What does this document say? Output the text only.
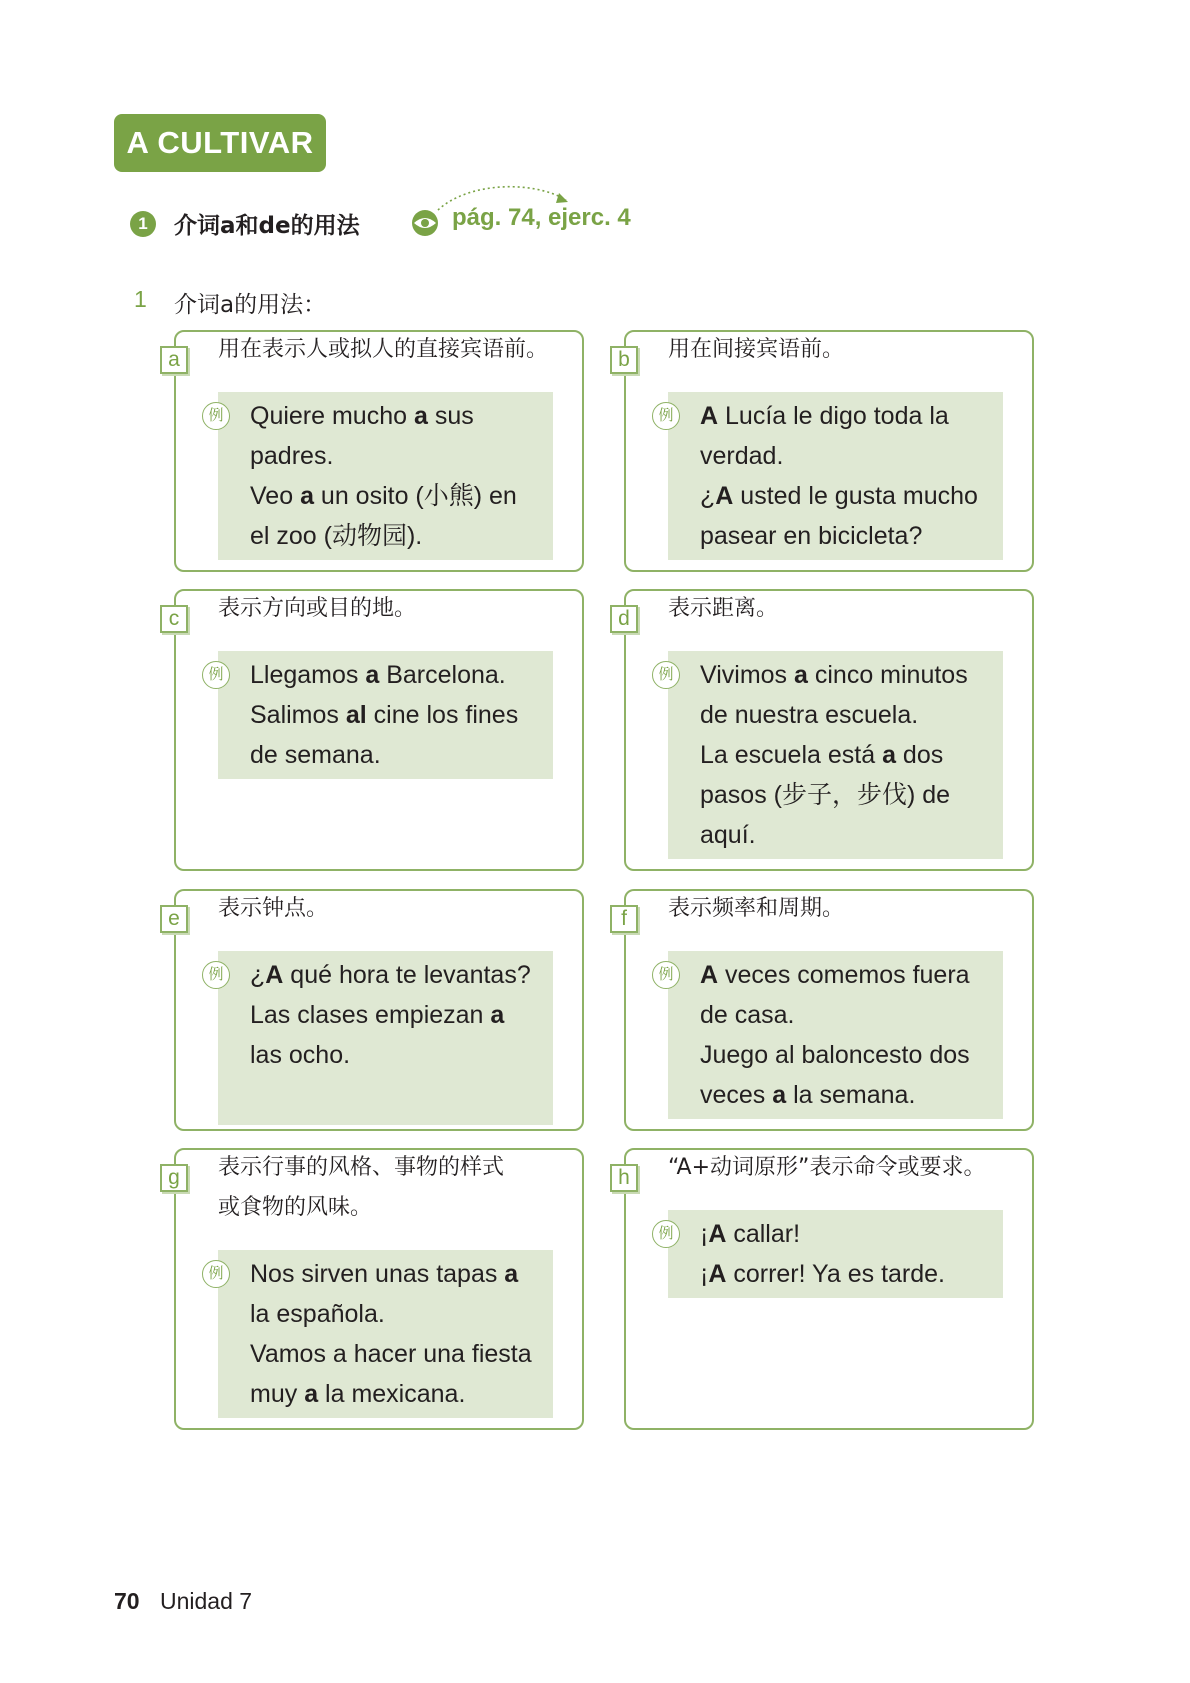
A CULTIVAR
1	介词a和de的用法	pág. 74, ejerc. 4
1 介词a的用法：
a	用在表示人或拟人的直接宾语前。
例 Quiere mucho a sus
padres.
Veo a un osito (小熊) en
el zoo (动物园).
b	用在间接宾语前。
例 A Lucía le digo toda la
verdad.
¿A usted le gusta mucho
pasear en bicicleta?
c	表示方向或目的地。
例 Llegamos a Barcelona.
Salimos al cine los fines
de semana.
d	表示距离。
例 Vivimos a cinco minutos
de nuestra escuela.
La escuela está a dos
pasos (步子，步伐) de
aquí.
e	表示钟点。
例 ¿A qué hora te levantas?
Las clases empiezan a
las ocho.
f	表示频率和周期。
例 A veces comemos fuera
de casa.
Juego al baloncesto dos
veces a la semana.
g	表示行事的风格、事物的样式
或食物的风味。
例 Nos sirven unas tapas a
la española.
Vamos a hacer una fiesta
muy a la mexicana.
h	“A+动词原形”表示命令或要求。
例 ¡A callar!
¡A correr! Ya es tarde.
70 Unidad 7
